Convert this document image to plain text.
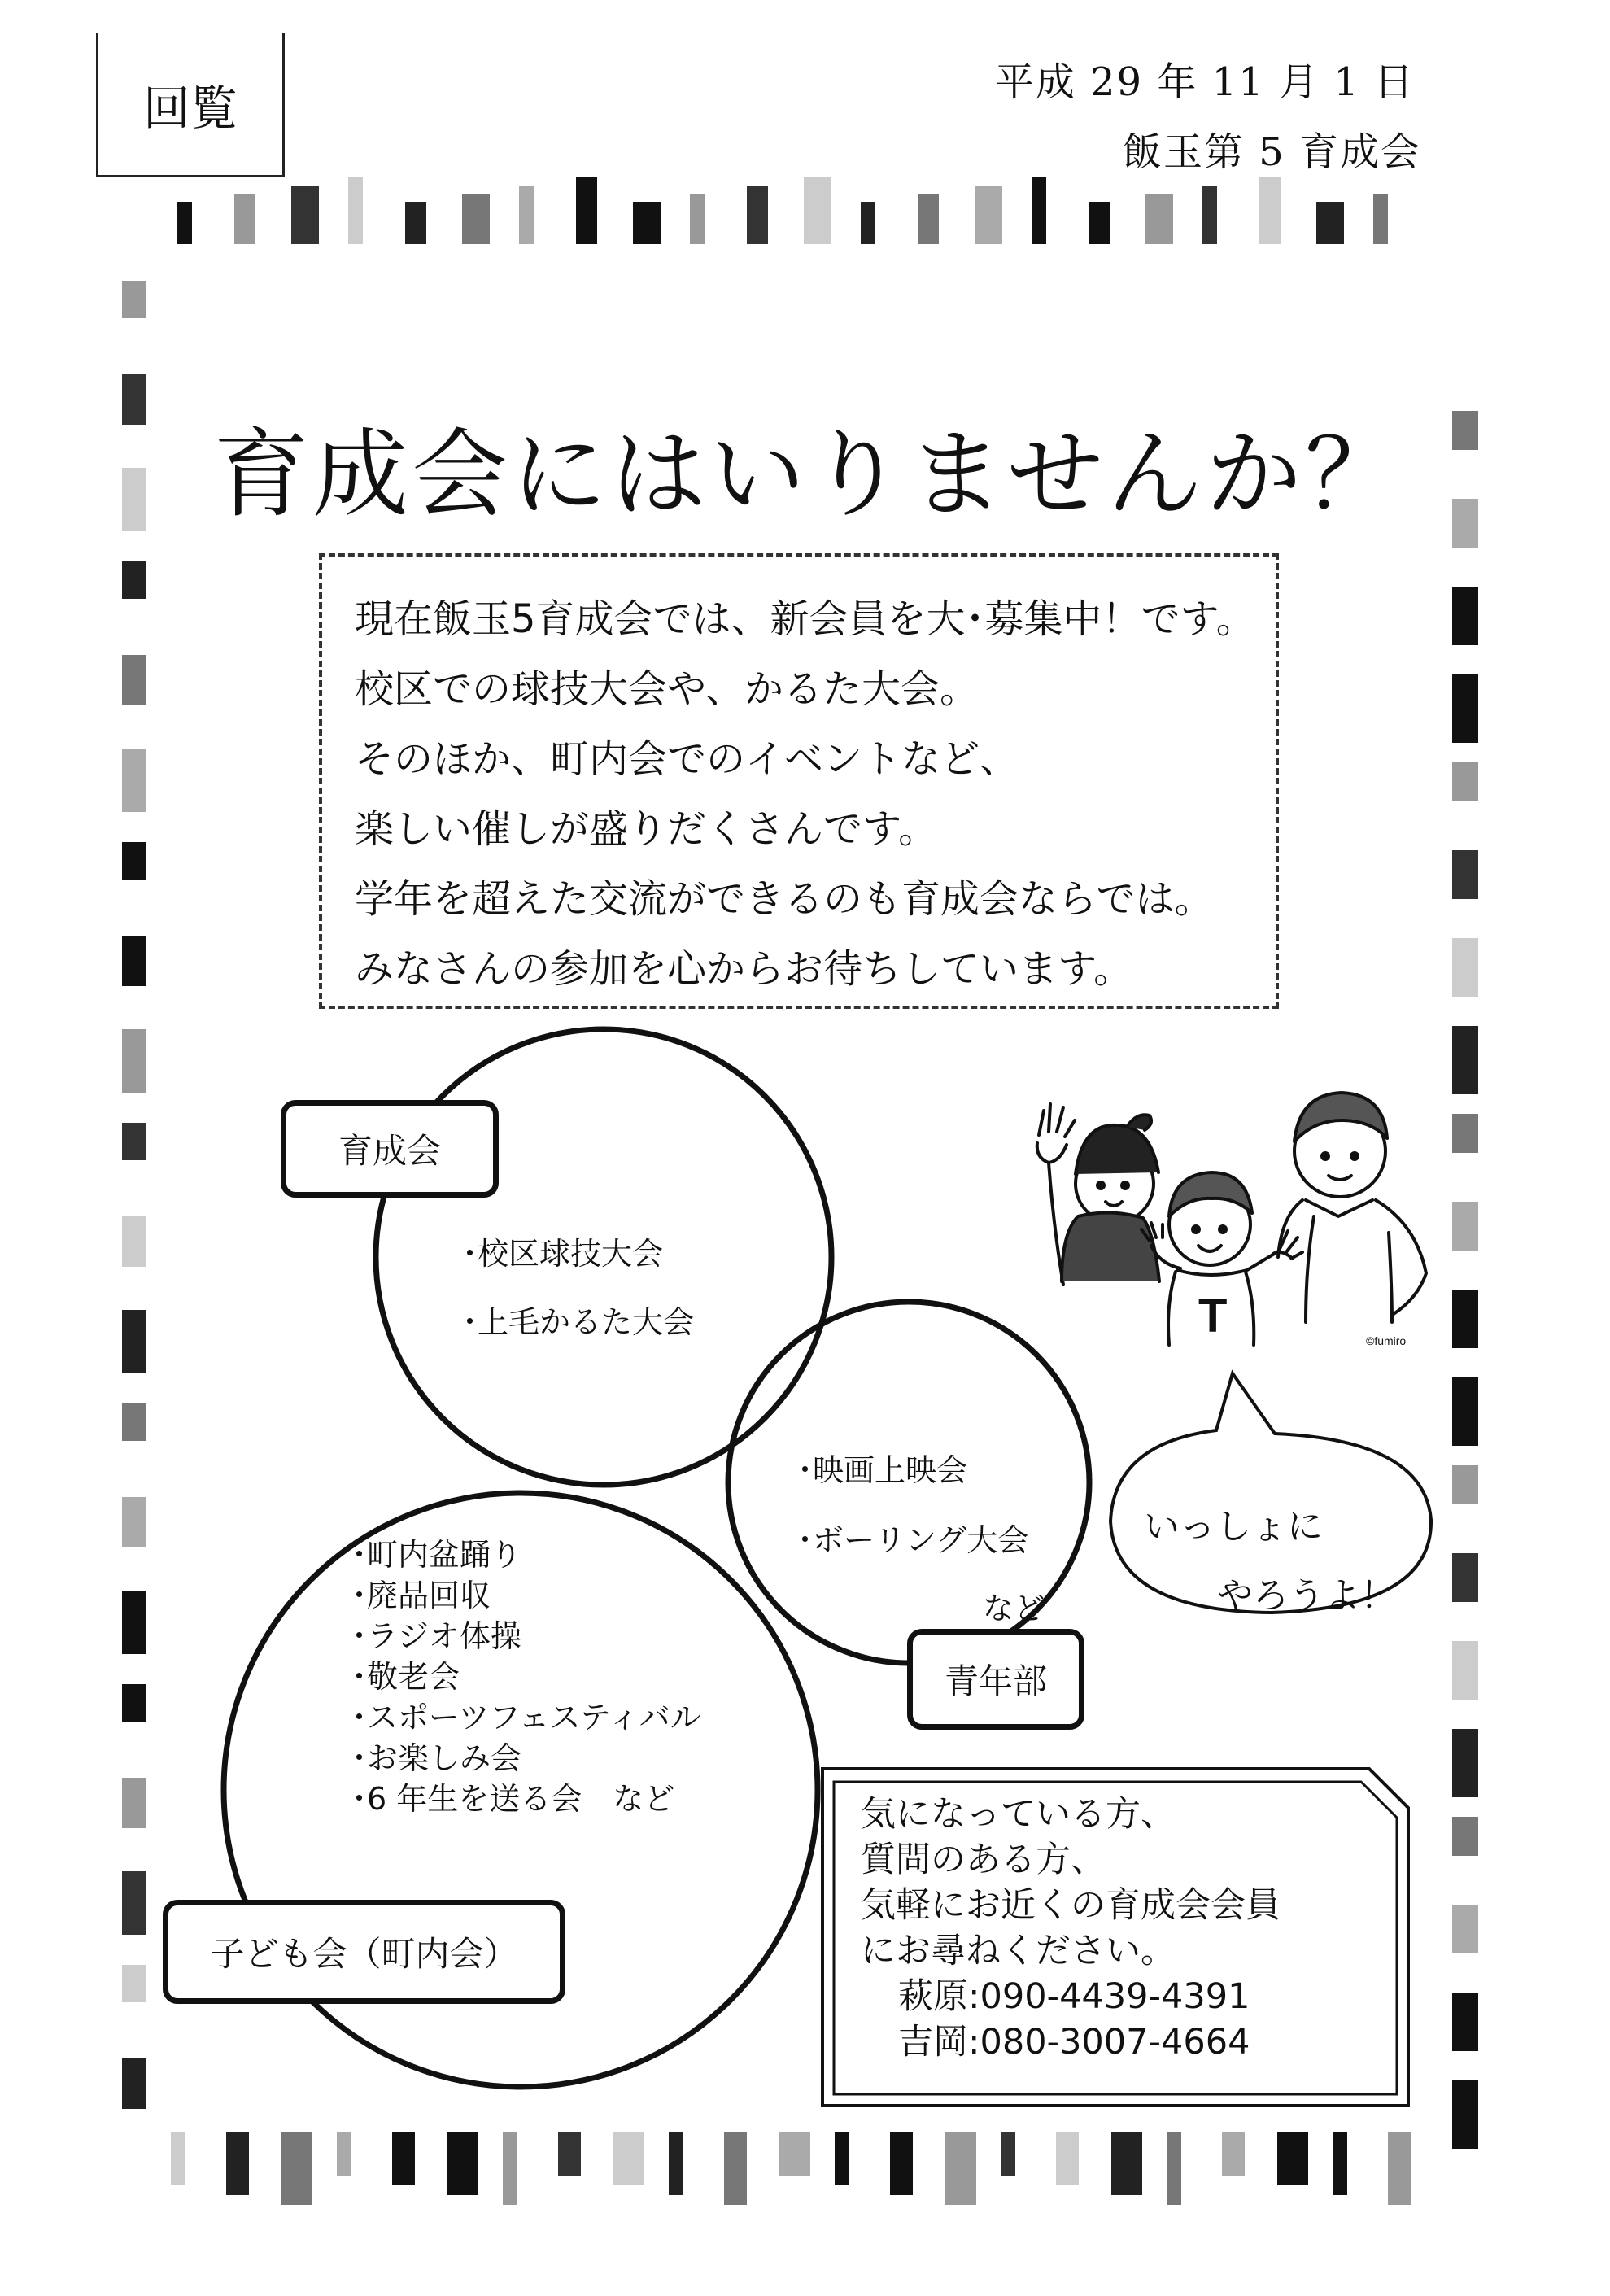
回覧	平成 29 年 11 月 1 日
飯玉第 5 育成会
育成会にはいりませんか？
現在飯玉5育成会では、新会員を大･募集中！です。
校区での球技大会や、かるた大会。
そのほか、町内会でのイベントなど、
楽しい催しが盛りだくさんです。
学年を超えた交流ができるのも育成会ならでは。
みなさんの参加を心からお待ちしています。
育成会
･校区球技大会
･上毛かるた大会
･映画上映会
･ボーリング大会
など
青年部
･町内盆踊り
･廃品回収
･ラジオ体操
･敬老会
･スポーツフェスティバル
･お楽しみ会
･6 年生を送る会　など
子ども会（町内会）
T	©fumiro
いっしょに
やろうよ！
気になっている方、
質問のある方、
気軽にお近くの育成会会員
にお尋ねください。
萩原:090-4439-4391
吉岡:080-3007-4664
